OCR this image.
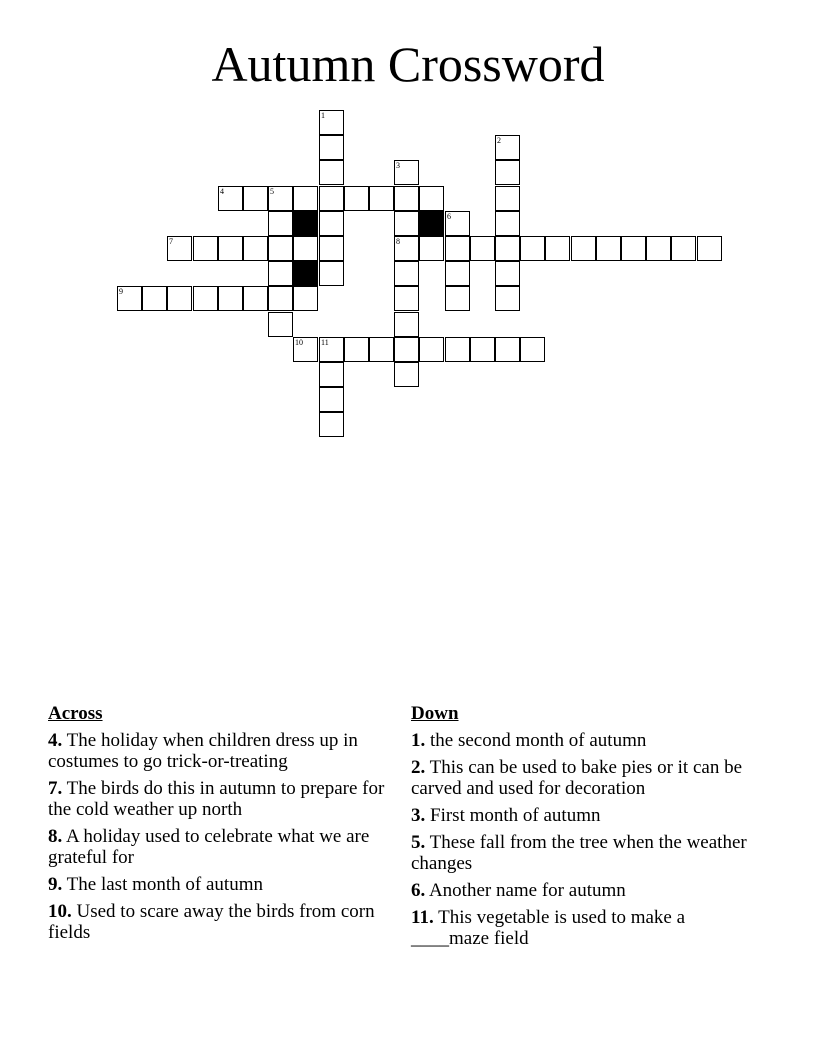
Autumn Crossword
4	5
7	8
9
10 11
1
2
3
6
Across
4. The holiday when children dress up in costumes to go trick-or-treating
7. The birds do this in autumn to prepare for the cold weather up north
8. A holiday used to celebrate what we are grateful for
9. The last month of autumn
10. Used to scare away the birds from corn fields
Down
1. the second month of autumn
2. This can be used to bake pies or it can be carved and used for decoration
3. First month of autumn
5. These fall from the tree when the weather changes
6. Another name for autumn
11. This vegetable is used to make a ____maze field
